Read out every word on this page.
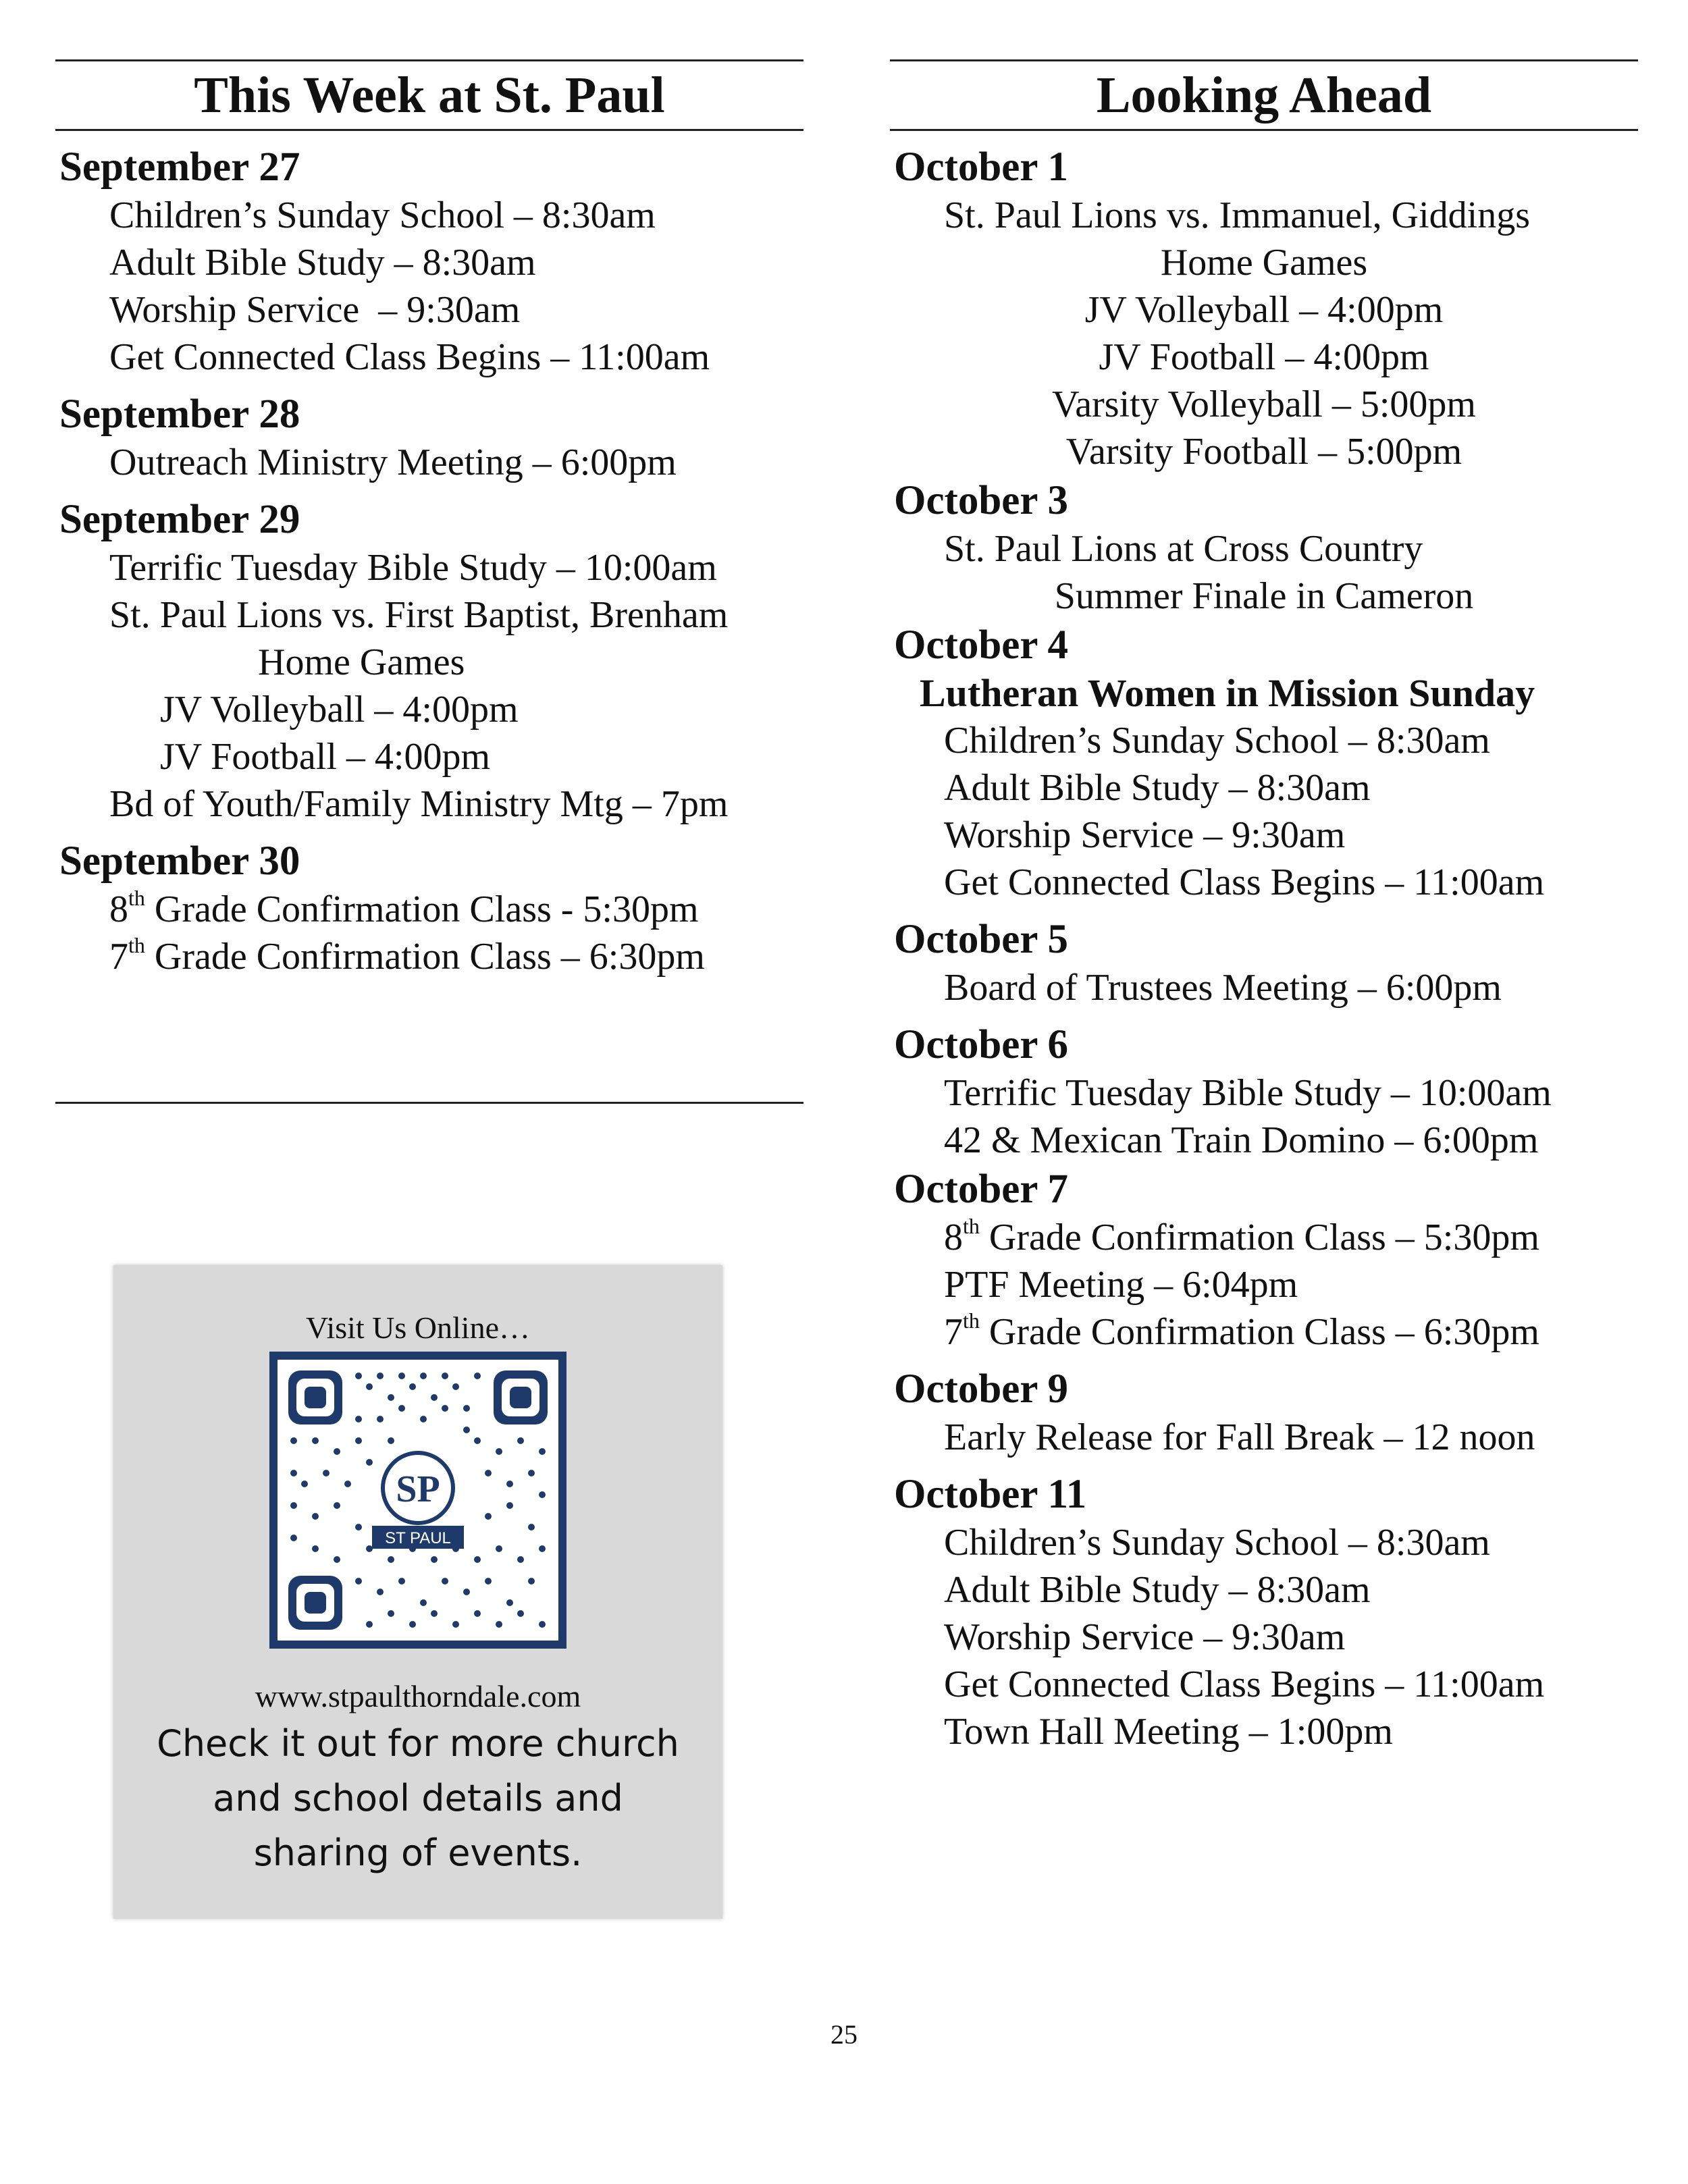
This Week at St. Paul
September 27
Children’s Sunday School – 8:30am
Adult Bible Study – 8:30am
Worship Service  – 9:30am
Get Connected Class Begins – 11:00am
September 28
Outreach Ministry Meeting – 6:00pm
September 29
Terrific Tuesday Bible Study – 10:00am
St. Paul Lions vs. First Baptist, Brenham
Home Games
JV Volleyball – 4:00pm
JV Football – 4:00pm
Bd of Youth/Family Ministry Mtg – 7pm
September 30
8th Grade Confirmation Class - 5:30pm
7th Grade Confirmation Class – 6:30pm
Visit Us Online…
SP
ST PAUL
www.stpaulthorndale.com
Check it out for more church and school details and sharing of events.
Looking Ahead
October 1
St. Paul Lions vs. Immanuel, Giddings
Home Games
JV Volleyball – 4:00pm
JV Football – 4:00pm
Varsity Volleyball – 5:00pm
Varsity Football – 5:00pm
October 3
St. Paul Lions at Cross Country
Summer Finale in Cameron
October 4
Lutheran Women in Mission Sunday
Children’s Sunday School – 8:30am
Adult Bible Study – 8:30am
Worship Service – 9:30am
Get Connected Class Begins – 11:00am
October 5
Board of Trustees Meeting – 6:00pm
October 6
Terrific Tuesday Bible Study – 10:00am
42 & Mexican Train Domino – 6:00pm
October 7
8th Grade Confirmation Class – 5:30pm
PTF Meeting – 6:04pm
7th Grade Confirmation Class – 6:30pm
October 9
Early Release for Fall Break – 12 noon
October 11
Children’s Sunday School – 8:30am
Adult Bible Study – 8:30am
Worship Service – 9:30am
Get Connected Class Begins – 11:00am
Town Hall Meeting – 1:00pm
25
